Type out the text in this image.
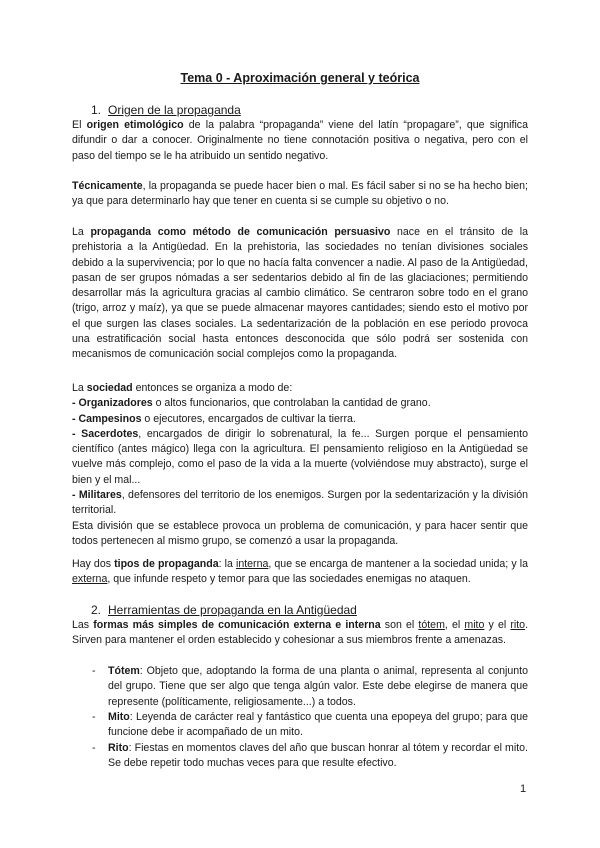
Tema 0 - Aproximación general y teórica
1. Origen de la propaganda
El origen etimológico de la palabra “propaganda” viene del latín “propagare”, que significa difundir o dar a conocer. Originalmente no tiene connotación positiva o negativa, pero con el paso del tiempo se le ha atribuido un sentido negativo.
Técnicamente, la propaganda se puede hacer bien o mal. Es fácil saber si no se ha hecho bien; ya que para determinarlo hay que tener en cuenta si se cumple su objetivo o no.
La propaganda como método de comunicación persuasivo nace en el tránsito de la prehistoria a la Antigüedad. En la prehistoria, las sociedades no tenían divisiones sociales debido a la supervivencia; por lo que no hacía falta convencer a nadie. Al paso de la Antigüedad, pasan de ser grupos nómadas a ser sedentarios debido al fin de las glaciaciones; permitiendo desarrollar más la agricultura gracias al cambio climático. Se centraron sobre todo en el grano (trigo, arroz y maíz), ya que se puede almacenar mayores cantidades; siendo esto el motivo por el que surgen las clases sociales. La sedentarización de la población en ese periodo provoca una estratificación social hasta entonces desconocida que sólo podrá ser sostenida con mecanismos de comunicación social complejos como la propaganda.
La sociedad entonces se organiza a modo de:
- Organizadores o altos funcionarios, que controlaban la cantidad de grano.
- Campesinos o ejecutores, encargados de cultivar la tierra.
- Sacerdotes, encargados de dirigir lo sobrenatural, la fe... Surgen porque el pensamiento científico (antes mágico) llega con la agricultura. El pensamiento religioso en la Antigüedad se vuelve más complejo, como el paso de la vida a la muerte (volviéndose muy abstracto), surge el bien y el mal...
- Militares, defensores del territorio de los enemigos. Surgen por la sedentarización y la división territorial.
Esta división que se establece provoca un problema de comunicación, y para hacer sentir que todos pertenecen al mismo grupo, se comenzó a usar la propaganda.
Hay dos tipos de propaganda: la interna, que se encarga de mantener a la sociedad unida; y la externa, que infunde respeto y temor para que las sociedades enemigas no ataquen.
2. Herramientas de propaganda en la Antigüedad
Las formas más simples de comunicación externa e interna son el tótem, el mito y el rito. Sirven para mantener el orden establecido y cohesionar a sus miembros frente a amenazas.
- Tótem: Objeto que, adoptando la forma de una planta o animal, representa al conjunto del grupo. Tiene que ser algo que tenga algún valor. Este debe elegirse de manera que represente (políticamente, religiosamente...) a todos.
- Mito: Leyenda de carácter real y fantástico que cuenta una epopeya del grupo; para que funcione debe ir acompañado de un mito.
- Rito: Fiestas en momentos claves del año que buscan honrar al tótem y recordar el mito. Se debe repetir todo muchas veces para que resulte efectivo.
1
